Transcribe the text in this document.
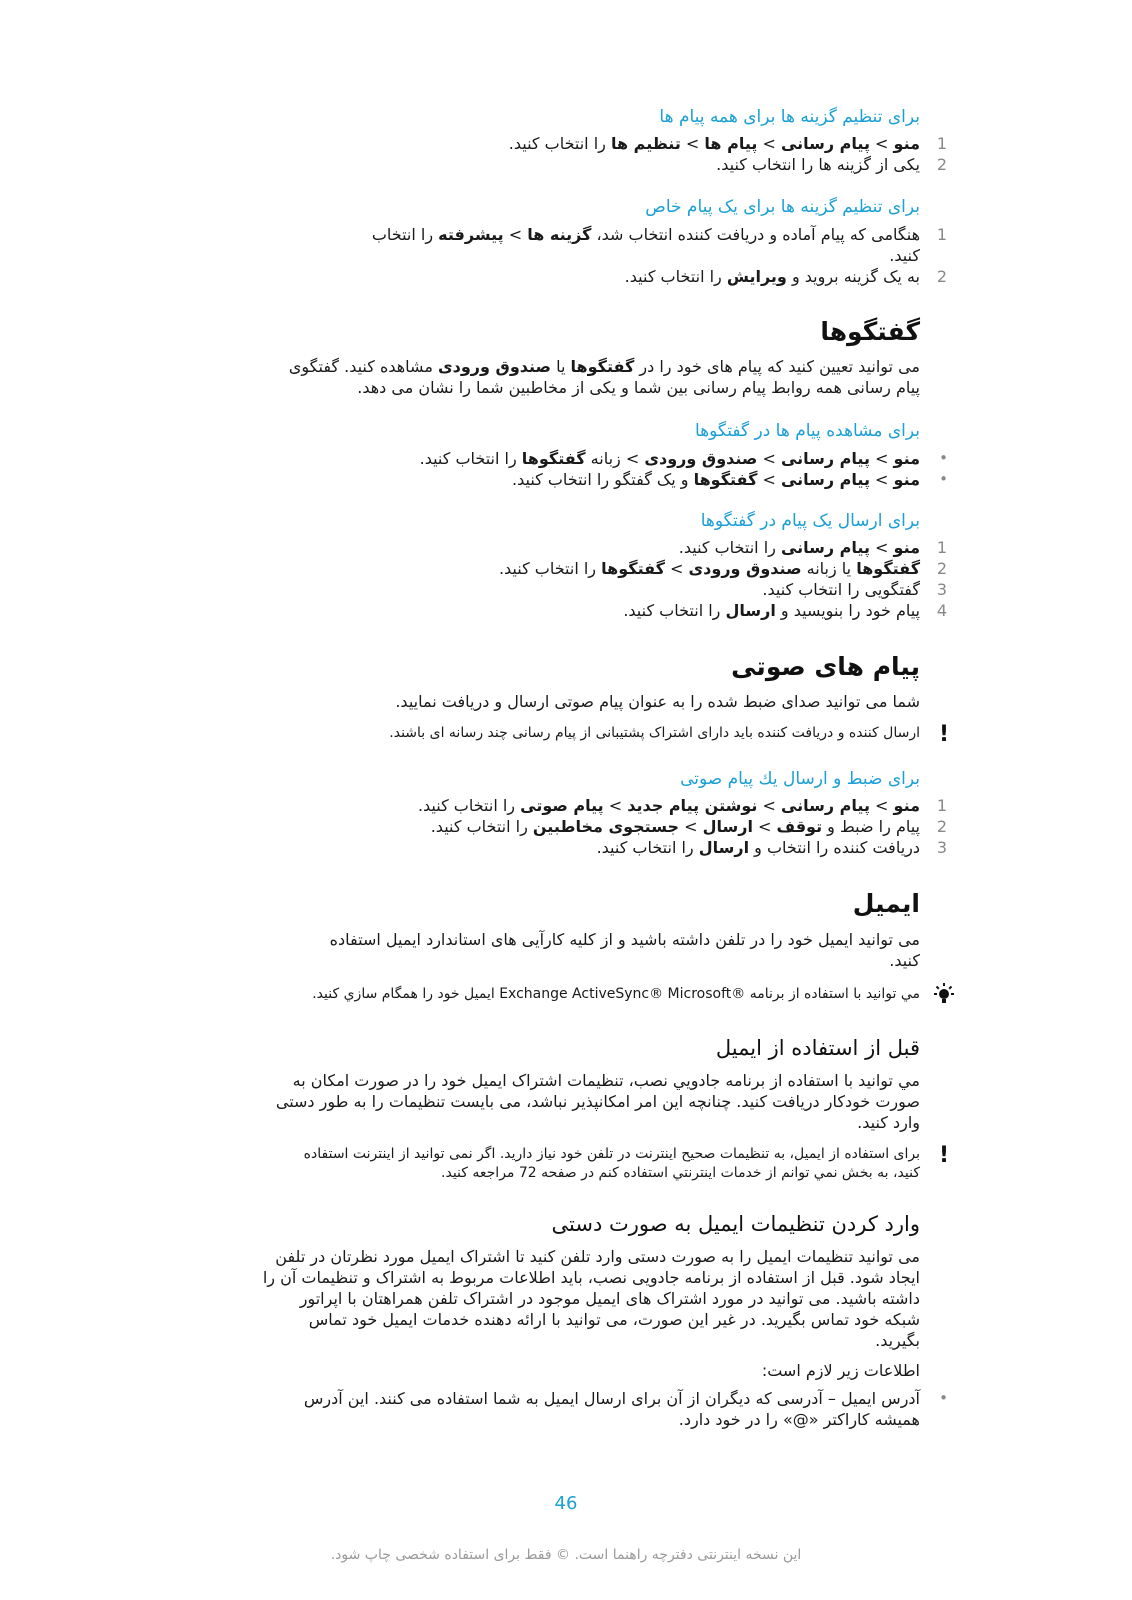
برای تنظیم گزینه ها برای همه پیام ها
1
منو > پیام رسانی > پیام ها > تنظیم ها را انتخاب کنید.
2
یکی از گزینه ها را انتخاب کنید.
برای تنظیم گزینه ها برای یک پیام خاص
1
هنگامی که پیام آماده و دریافت کننده انتخاب شد، گزینه ها > پیشرفته را انتخاب
کنید.
2
به یک گزینه بروید و ویرایش را انتخاب کنید.
گفتگوها
می توانید تعیین کنید که پیام های خود را در گفتگوها یا صندوق ورودی مشاهده کنید. گفتگوی
پیام رسانی همه روابط پیام رسانی بین شما و یکی از مخاطبین شما را نشان می دهد.
برای مشاهده پیام ها در گفتگوها
•
منو > پیام رسانی > صندوق ورودی > زبانه گفتگوها را انتخاب کنید.
•
منو > پیام رسانی > گفتگوها و یک گفتگو را انتخاب کنید.
برای ارسال یک پیام در گفتگوها
1
منو > پیام رسانی را انتخاب کنید.
2
گفتگوها یا زبانه صندوق ورودی > گفتگوها را انتخاب کنید.
3
گفتگویی را انتخاب کنید.
4
پیام خود را بنویسید و ارسال را انتخاب کنید.
پیام های صوتی
شما می توانید صدای ضبط شده را به عنوان پیام صوتی ارسال و دریافت نمایید.
!
ارسال کننده و دریافت کننده باید دارای اشتراک پشتیبانی از پیام رسانی چند رسانه ای باشند.
برای ضبط و ارسال يك پيام صوتی
1
منو > پیام رسانی > نوشتن پیام جدید > پیام صوتی را انتخاب کنید.
2
پیام را ضبط و توقف > ارسال > جستجوی مخاطبین را انتخاب کنید.
3
دریافت کننده را انتخاب و ارسال را انتخاب کنید.
ایمیل
می توانید ایمیل خود را در تلفن داشته باشید و از کلیه کارآیی های استاندارد ایمیل استفاده
کنید.
مي توانيد با استفاده از برنامه Exchange ActiveSync® Microsoft® ایمیل خود را همگام سازي كنيد.
قبل از استفاده از ایمیل
مي توانيد با استفاده از برنامه جادويي نصب، تنظيمات اشتراک ایمیل خود را در صورت امکان به
صورت خودکار دریافت کنید. چنانچه این امر امکانپذیر نباشد، می بایست تنظیمات را به طور دستی
وارد کنید.
!
برای استفاده از ایمیل، به تنظیمات صحیح اینترنت در تلفن خود نیاز دارید. اگر نمی توانید از اینترنت استفاده
کنید، به بخش نمي توانم از خدمات اينترنتي استفاده كنم در صفحه 72 مراجعه کنید.
وارد کردن تنظیمات ایمیل به صورت دستی
می توانید تنظیمات ایمیل را به صورت دستی وارد تلفن کنید تا اشتراک ایمیل مورد نظرتان در تلفن
ایجاد شود. قبل از استفاده از برنامه جادویی نصب، باید اطلاعات مربوط به اشتراک و تنظیمات آن را
داشته باشید. می توانید در مورد اشتراک های ایمیل موجود در اشتراک تلفن همراهتان با اپراتور
شبکه خود تماس بگیرید. در غیر این صورت، می توانید با ارائه دهنده خدمات ایمیل خود تماس
بگیرید.
اطلاعات زیر لازم است:
•
آدرس ایمیل – آدرسی که دیگران از آن برای ارسال ایمیل به شما استفاده می کنند. این آدرس
همیشه کاراکتر «@» را در خود دارد.
46
این نسخه اینترنتی دفترچه راهنما است. © فقط برای استفاده شخصی چاپ شود.
